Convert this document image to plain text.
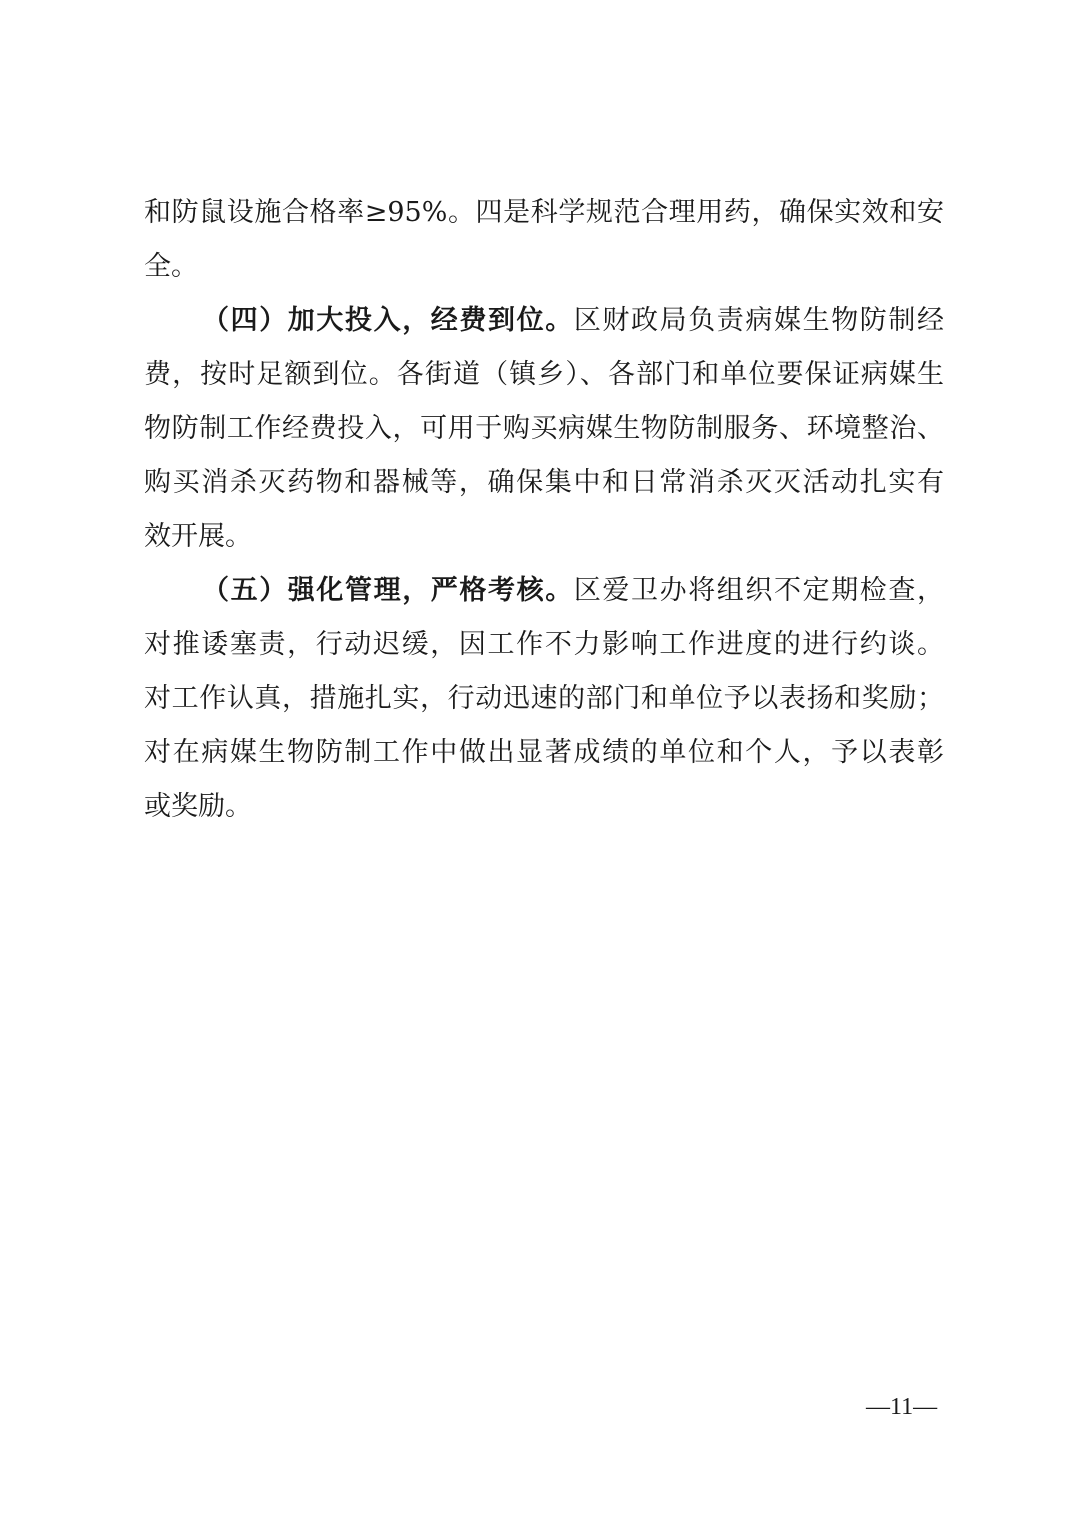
和防鼠设施合格率≥95%。四是科学规范合理用药，确保实效和安
全。
（四）加大投入，经费到位。区财政局负责病媒生物防制经
费，按时足额到位。各街道（镇乡）、各部门和单位要保证病媒生
物防制工作经费投入，可用于购买病媒生物防制服务、环境整治、
购买消杀灭药物和器械等，确保集中和日常消杀灭灭活动扎实有
效开展。
（五）强化管理，严格考核。区爱卫办将组织不定期检查，
对推诿塞责，行动迟缓，因工作不力影响工作进度的进行约谈。
对工作认真，措施扎实，行动迅速的部门和单位予以表扬和奖励；
对在病媒生物防制工作中做出显著成绩的单位和个人，予以表彰
或奖励。
—11—
